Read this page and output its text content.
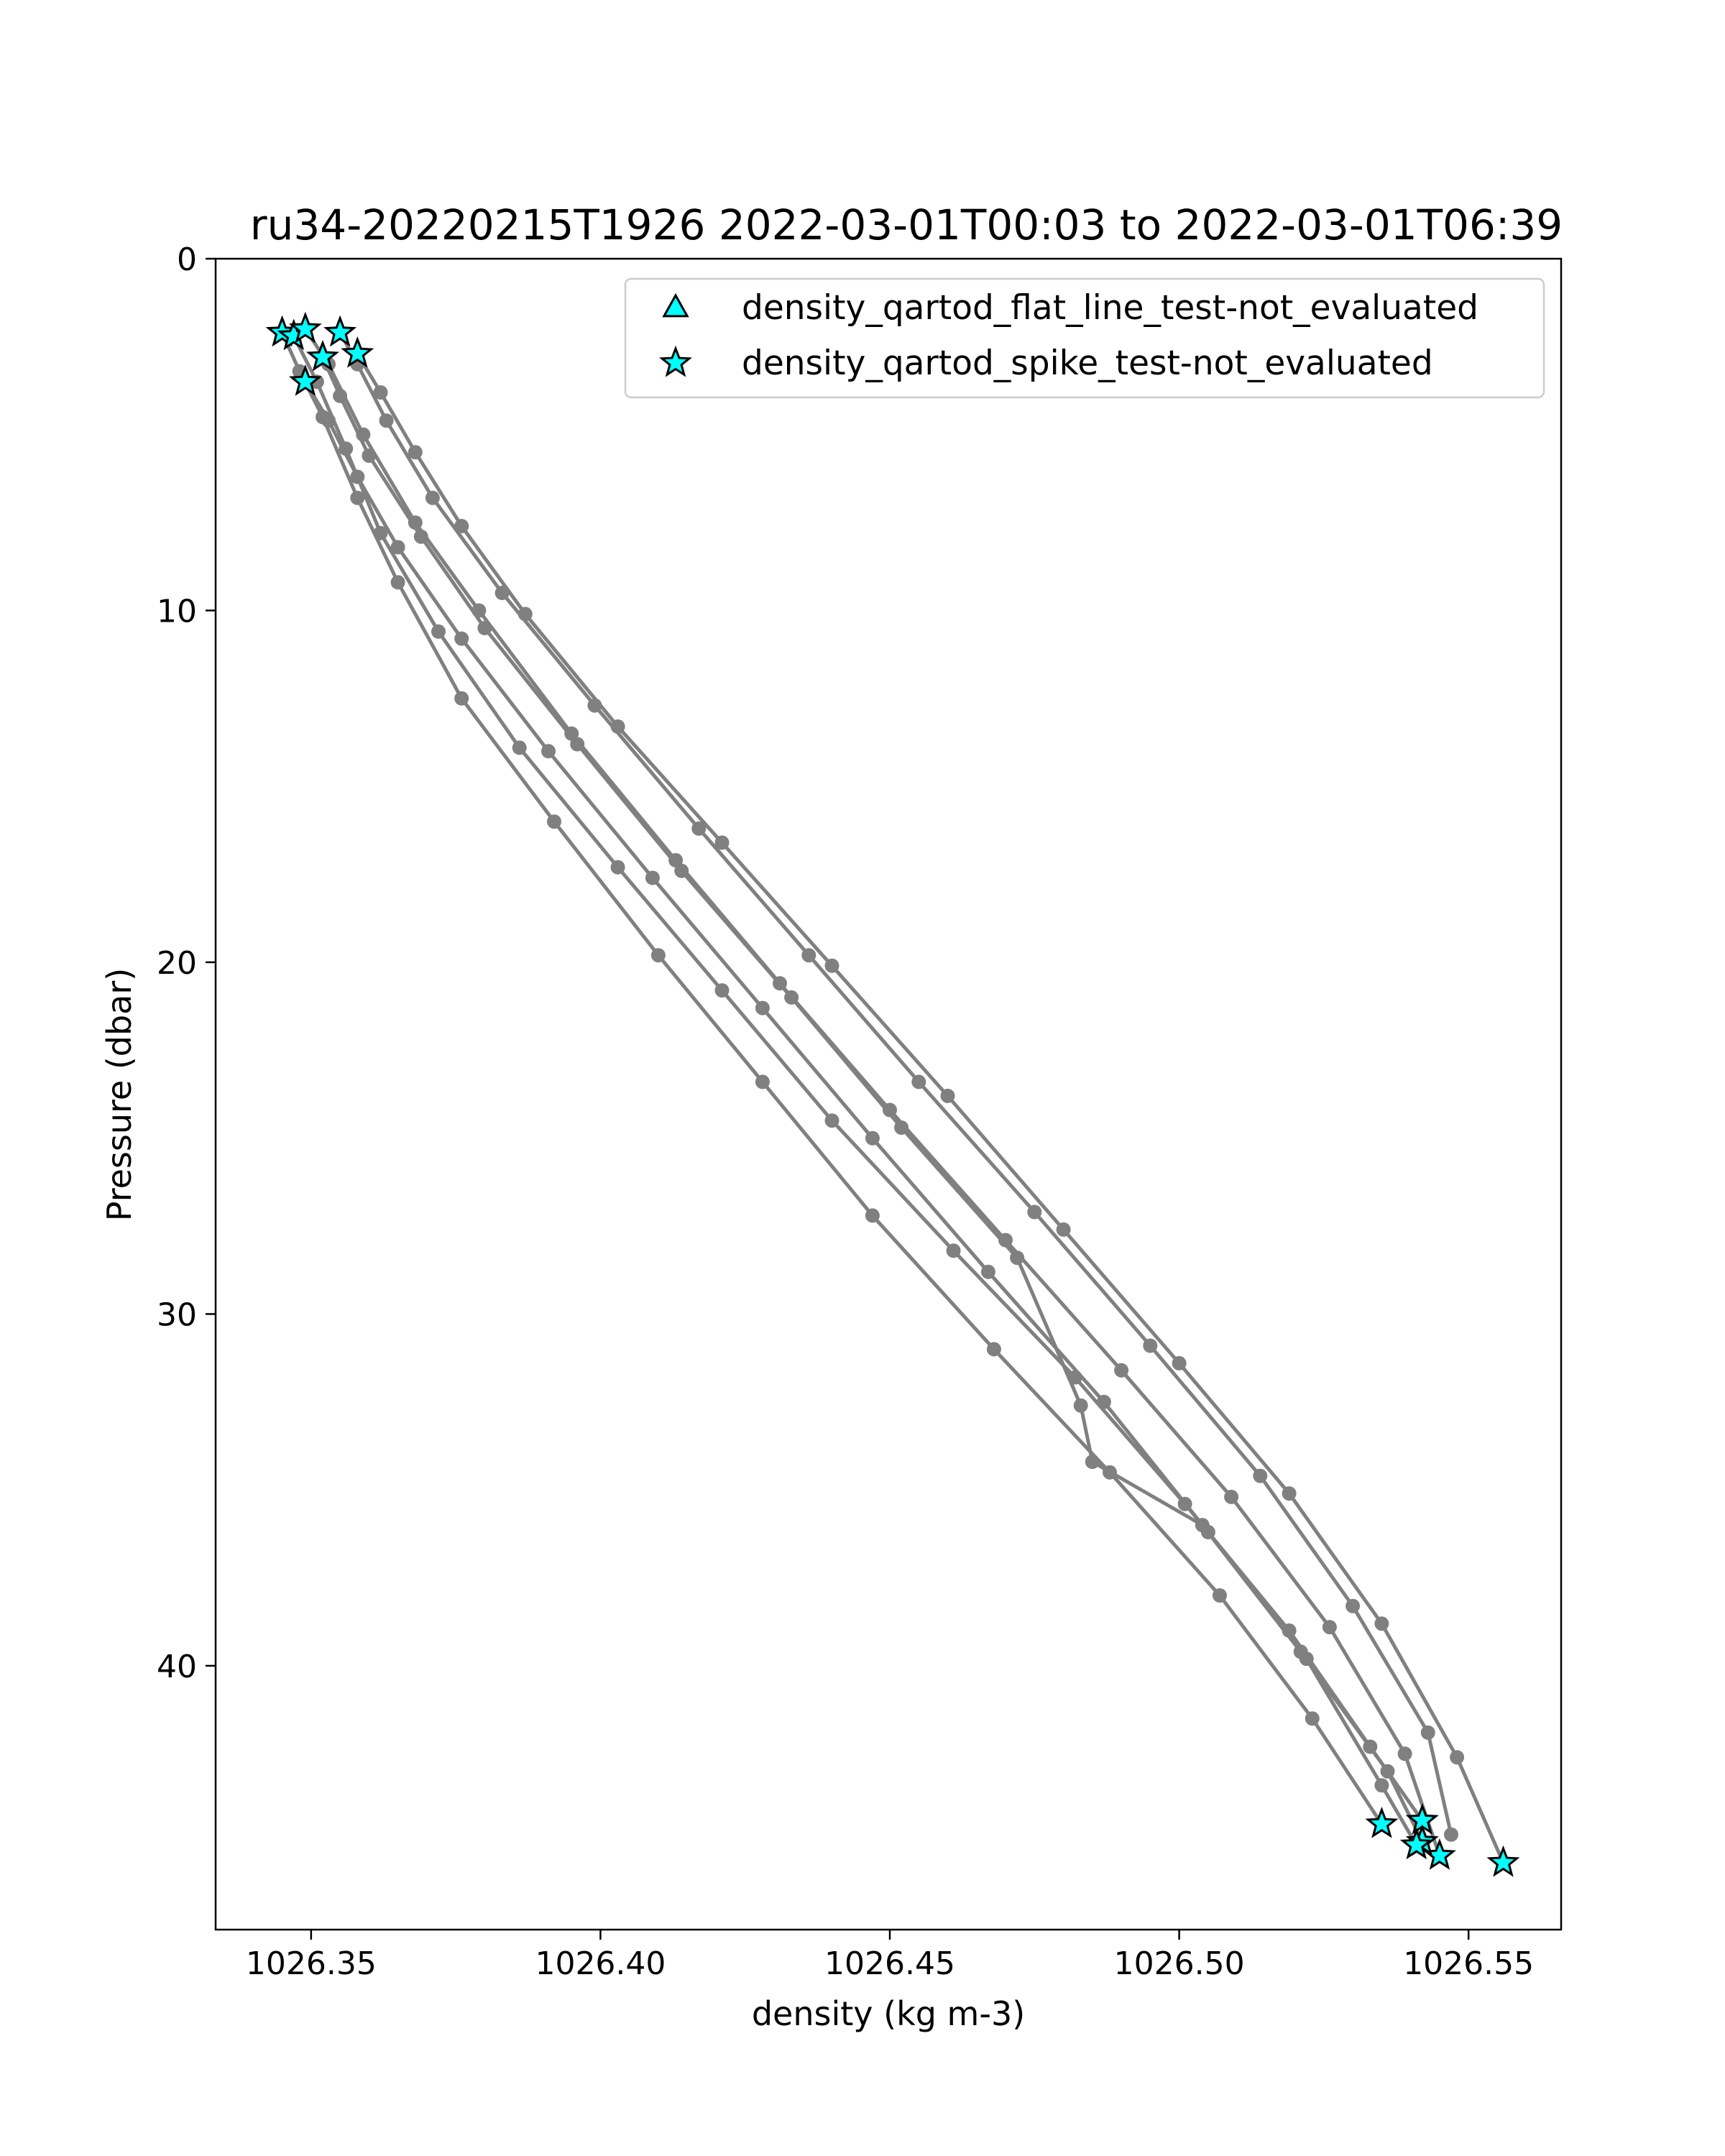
ru34-20220215T1926 2022-03-01T00:03 to 2022-03-01T06:39
1026.35	1026.40	1026.45	1026.50	1026.55
0
10
20
30
40
density (kg m-3)
Pressure (dbar)
density_qartod_flat_line_test-not_evaluated
density_qartod_spike_test-not_evaluated
